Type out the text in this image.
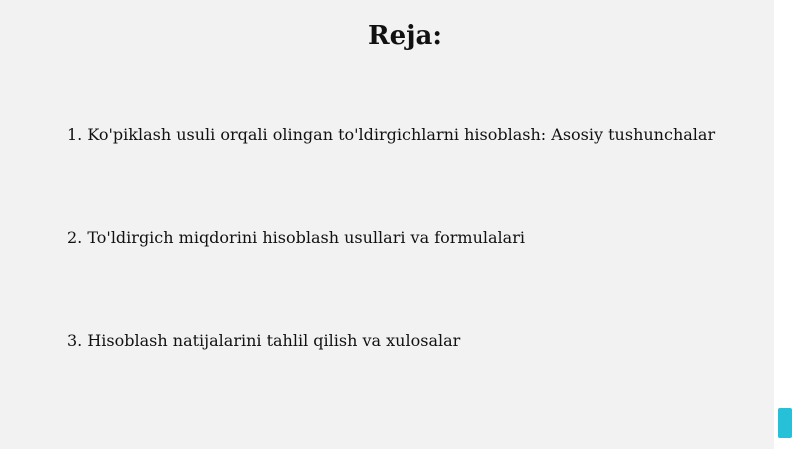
Reja:
1. Ko'piklash usuli orqali olingan to'ldirgichlarni hisoblash: Asosiy tushunchalar
2. To'ldirgich miqdorini hisoblash usullari va formulalari
3. Hisoblash natijalarini tahlil qilish va xulosalar
